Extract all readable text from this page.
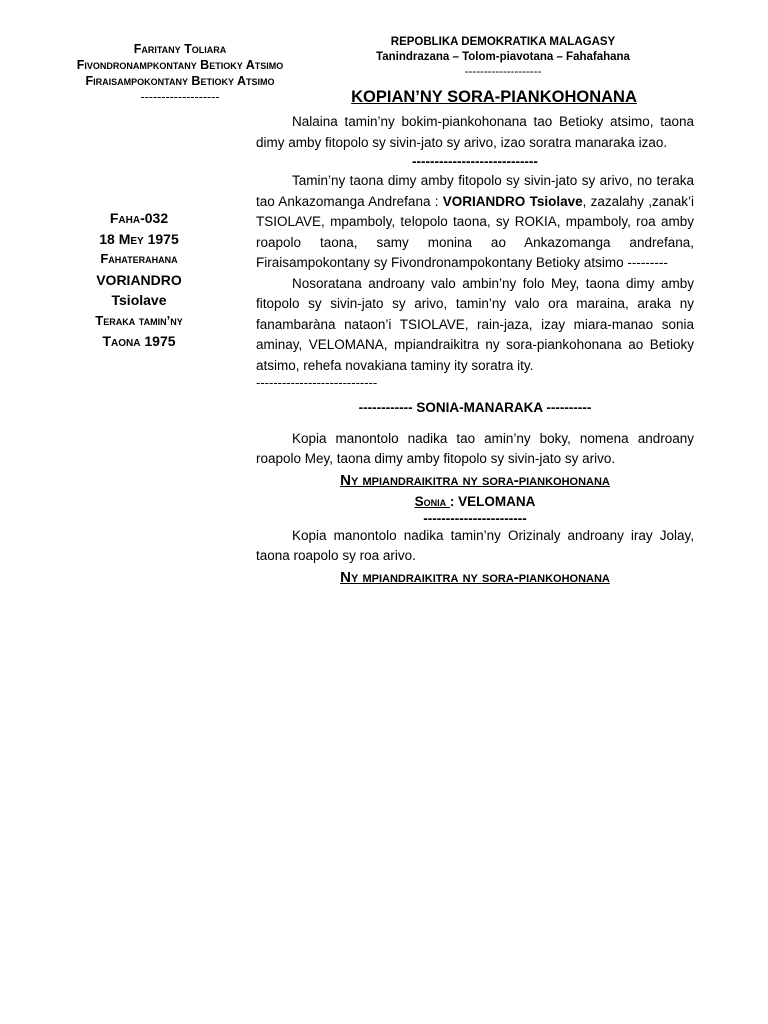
Faritany Toliara
Fivondronampkontany Betioky Atsimo
Firaisampokontany Betioky Atsimo
-------------------
REPOBLIKA DEMOKRATIKA MALAGASY
Tanindrazana – Tolom-piavotana – Fahafahana
--------------------
KOPIAN’NY SORA-PIANKOHONANA
Faha-032
18 Mey 1975
Fahaterahana
VORIANDRO
Tsiolave
Teraka tamin’ny
Taona 1975

Nalaina tamin’ny bokim-piankohonana tao Betioky atsimo, taona dimy amby fitopolo sy sivin-jato sy arivo, izao soratra manaraka izao.

----------------------------

Tamin’ny taona dimy amby fitopolo sy sivin-jato sy arivo, no teraka tao Ankazomanga Andrefana : VORIANDRO Tsiolave, zazalahy ,zanak’i TSIOLAVE, mpamboly, telopolo taona, sy ROKIA, mpamboly, roa amby roapolo taona, samy monina ao Ankazomanga andrefana, Firaisampokontany sy Fivondronampokontany Betioky atsimo ---------

Nosoratana androany valo ambin’ny folo Mey, taona dimy amby fitopolo sy sivin-jato sy arivo, tamin’ny valo ora maraina, araka ny fanambaràna nataon’i TSIOLAVE, rain-jaza, izay miara-manao sonia aminay, VELOMANA, mpiandraikitra ny sora-piankohonana ao Betioky atsimo, rehefa novakiana taminy ity soratra ity.

----------------------------
------------ SONIA-MANARAKA ----------

Kopia manontolo nadika tao amin’ny boky, nomena androany roapolo Mey, taona dimy amby fitopolo sy sivin-jato sy arivo.

Ny mpiandraikitra ny sora-piankohonana
Sonia : VELOMANA
-----------------------

Kopia manontolo nadika tamin’ny Orizinaly androany iray Jolay, taona roapolo sy roa arivo.

Ny mpiandraikitra ny sora-piankohonana
